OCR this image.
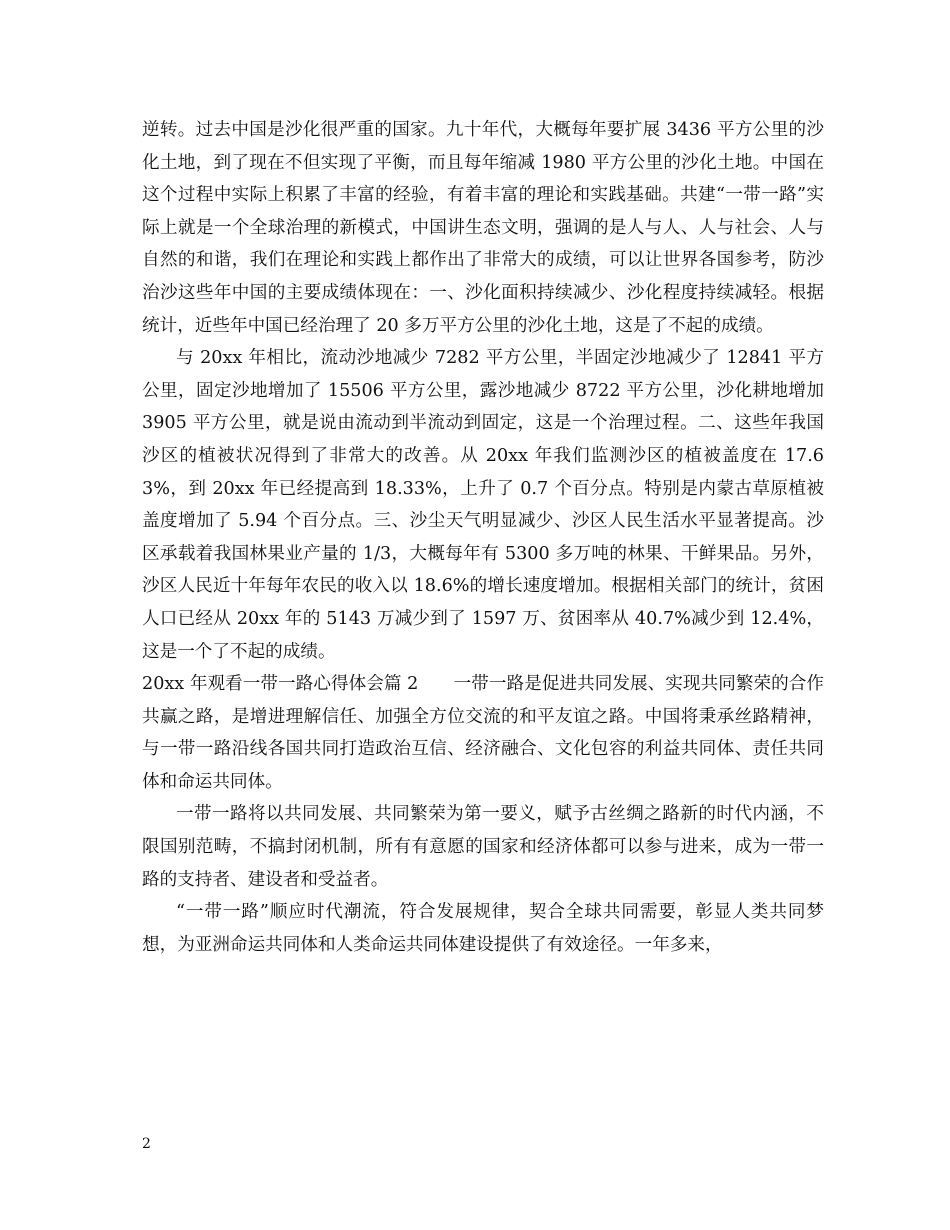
逆转。过去中国是沙化很严重的国家。九十年代，大概每年要扩展 3436 平方公里的沙化土地，到了现在不但实现了平衡，而且每年缩减 1980 平方公里的沙化土地。中国在这个过程中实际上积累了丰富的经验，有着丰富的理论和实践基础。共建“一带一路”实际上就是一个全球治理的新模式，中国讲生态文明，强调的是人与人、人与社会、人与自然的和谐，我们在理论和实践上都作出了非常大的成绩，可以让世界各国参考，防沙治沙这些年中国的主要成绩体现在：一、沙化面积持续减少、沙化程度持续减轻。根据统计，近些年中国已经治理了 20 多万平方公里的沙化土地，这是了不起的成绩。

与 20xx 年相比，流动沙地减少 7282 平方公里，半固定沙地减少了 12841 平方公里，固定沙地增加了 15506 平方公里，露沙地减少 8722 平方公里，沙化耕地增加 3905 平方公里，就是说由流动到半流动到固定，这是一个治理过程。二、这些年我国沙区的植被状况得到了非常大的改善。从 20xx 年我们监测沙区的植被盖度在 17.63%，到 20xx 年已经提高到 18.33%，上升了 0.7 个百分点。特别是内蒙古草原植被盖度增加了 5.94 个百分点。三、沙尘天气明显减少、沙区人民生活水平显著提高。沙区承载着我国林果业产量的 1/3，大概每年有 5300 多万吨的林果、干鲜果品。另外，沙区人民近十年每年农民的收入以 18.6%的增长速度增加。根据相关部门的统计，贫困人口已经从 20xx 年的 5143 万减少到了 1597 万、贫困率从 40.7%减少到 12.4%，这是一个了不起的成绩。

20xx 年观看一带一路心得体会篇 2　　一带一路是促进共同发展、实现共同繁荣的合作共赢之路，是增进理解信任、加强全方位交流的和平友谊之路。中国将秉承丝路精神，与一带一路沿线各国共同打造政治互信、经济融合、文化包容的利益共同体、责任共同体和命运共同体。

一带一路将以共同发展、共同繁荣为第一要义，赋予古丝绸之路新的时代内涵，不限国别范畴，不搞封闭机制，所有有意愿的国家和经济体都可以参与进来，成为一带一路的支持者、建设者和受益者。

“一带一路”顺应时代潮流，符合发展规律，契合全球共同需要，彰显人类共同梦想，为亚洲命运共同体和人类命运共同体建设提供了有效途径。一年多来，

2
